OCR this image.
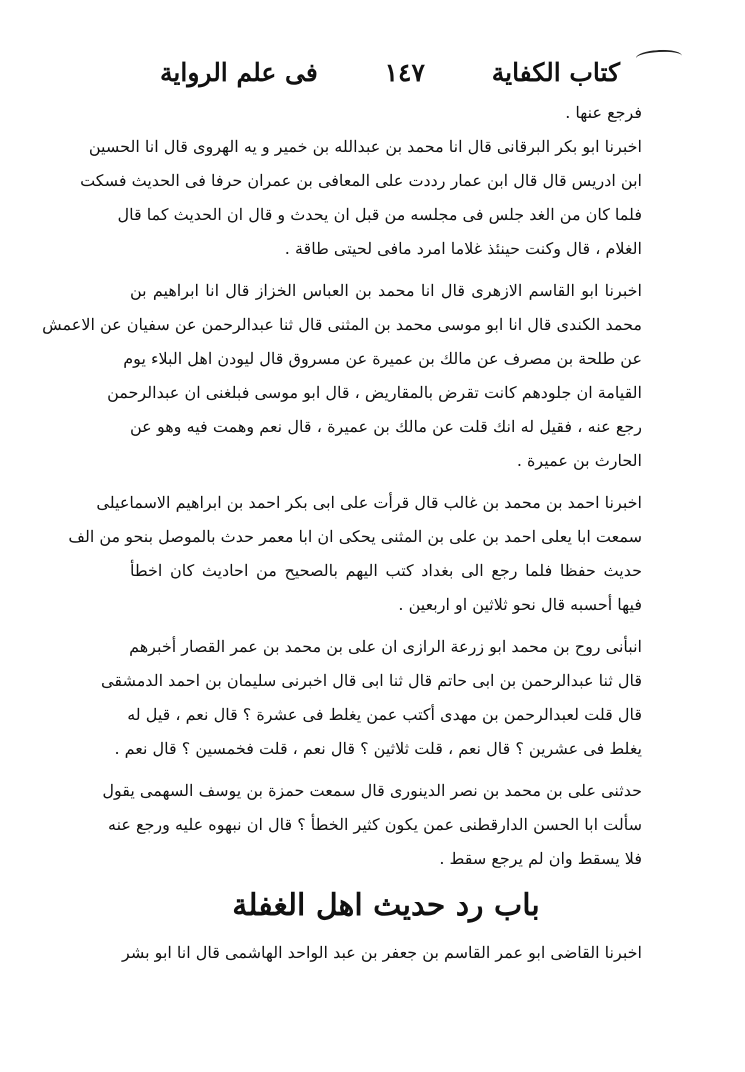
كتاب الكفاية
١٤٧
فى علم الرواية
فرجع عنها .
اخبرنا ابو بكر البرقانى قال انا محمد بن عبدالله بن خمير و يه الهروى قال انا الحسين
ابن ادريس قال قال ابن عمار رددت على المعافى بن عمران حرفا فى الحديث فسكت
فلما كان من الغد جلس فى مجلسه من قبل ان يحدث و قال ان الحديث كما قال
الغلام ، قال وكنت حينئذ غلاما امرد مافى لحيتى طاقة .
اخبرنا ابو القاسم الازهرى قال انا محمد بن العباس الخزاز قال انا ابراهيم بن
محمد الكندى قال انا ابو موسى محمد بن المثنى قال ثنا عبدالرحمن عن سفيان عن الاعمش
عن طلحة بن مصرف عن مالك بن عميرة عن مسروق قال ليودن اهل البلاء يوم
القيامة ان جلودهم كانت تقرض بالمقاريض ، قال ابو موسى فبلغنى ان عبدالرحمن
رجع عنه ، فقيل له انك قلت عن مالك بن عميرة ، قال نعم وهمت فيه وهو عن
الحارث بن عميرة .
اخبرنا احمد بن محمد بن غالب قال قرأت على ابى بكر احمد بن ابراهيم الاسماعيلى
سمعت ابا يعلى احمد بن على بن المثنى يحكى ان ابا معمر حدث بالموصل بنحو من الف
حديث حفظا فلما رجع الى بغداد كتب اليهم بالصحيح من احاديث كان اخطأ
فيها أحسبه قال نحو ثلاثين او اربعين .
انبأنى روح بن محمد ابو زرعة الرازى ان على بن محمد بن عمر القصار أخبرهم
قال ثنا عبدالرحمن بن ابى حاتم قال ثنا ابى قال اخبرنى سليمان بن احمد الدمشقى
قال قلت لعبدالرحمن بن مهدى أكتب عمن يغلط فى عشرة ؟ قال نعم ، قيل له
يغلط فى عشرين ؟ قال نعم ، قلت ثلاثين ؟ قال نعم ، قلت فخمسين ؟ قال نعم .
حدثنى على بن محمد بن نصر الدينورى قال سمعت حمزة بن يوسف السهمى يقول
سألت ابا الحسن الدارقطنى عمن يكون كثير الخطأ ؟ قال ان نبهوه عليه ورجع عنه
فلا يسقط وان لم يرجع سقط .
باب رد حديث اهل الغفلة
اخبرنا القاضى ابو عمر القاسم بن جعفر بن عبد الواحد الهاشمى قال انا ابو بشر
